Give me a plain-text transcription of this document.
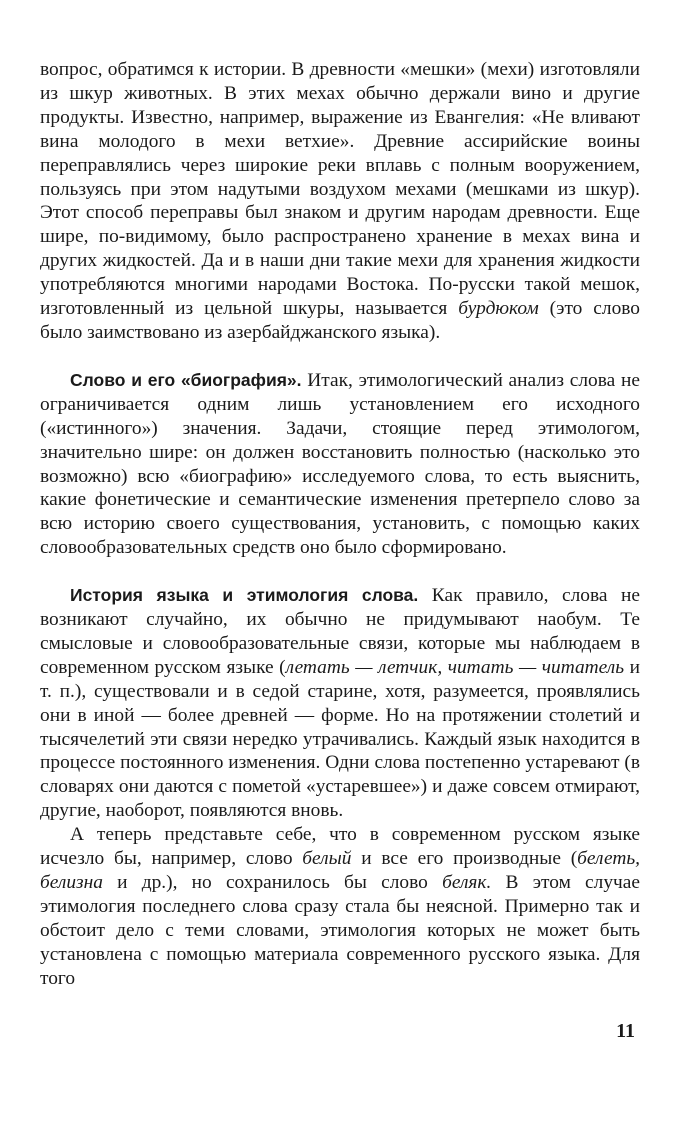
вопрос, обратимся к истории. В древности «мешки» (мехи) изготовляли из шкур животных. В этих мехах обычно держали вино и другие продукты. Известно, например, выражение из Евангелия: «Не вливают вина молодого в мехи ветхие». Древние ассирийские воины переправлялись через широкие реки вплавь с полным вооружением, пользуясь при этом надутыми воздухом мехами (мешками из шкур). Этот способ переправы был знаком и другим народам древности. Еще шире, по-видимому, было распространено хранение в мехах вина и других жидкостей. Да и в наши дни такие мехи для хранения жидкости употребляются многими народами Востока. По-русски такой мешок, изготовленный из цельной шкуры, называется бурдюком (это слово было заимствовано из азербайджанского языка).

Слово и его «биография». Итак, этимологический анализ слова не ограничивается одним лишь установлением его исходного («истинного») значения. Задачи, стоящие перед этимологом, значительно шире: он должен восстановить полностью (насколько это возможно) всю «биографию» исследуемого слова, то есть выяснить, какие фонетические и семантические изменения претерпело слово за всю историю своего существования, установить, с помощью каких словообразовательных средств оно было сформировано.

История языка и этимология слова. Как правило, слова не возникают случайно, их обычно не придумывают наобум. Те смысловые и словообразовательные связи, которые мы наблюдаем в современном русском языке (летать — летчик, читать — читатель и т. п.), существовали и в седой старине, хотя, разумеется, проявлялись они в иной — более древней — форме. Но на протяжении столетий и тысячелетий эти связи нередко утрачивались. Каждый язык находится в процессе постоянного изменения. Одни слова постепенно устаревают (в словарях они даются с пометой «устаревшее») и даже совсем отмирают, другие, наоборот, появляются вновь.

А теперь представьте себе, что в современном русском языке исчезло бы, например, слово белый и все его производные (белеть, белизна и др.), но сохранилось бы слово беляк. В этом случае этимология последнего слова сразу стала бы неясной. Примерно так и обстоит дело с теми словами, этимология которых не может быть установлена с помощью материала современного русского языка. Для того

11
